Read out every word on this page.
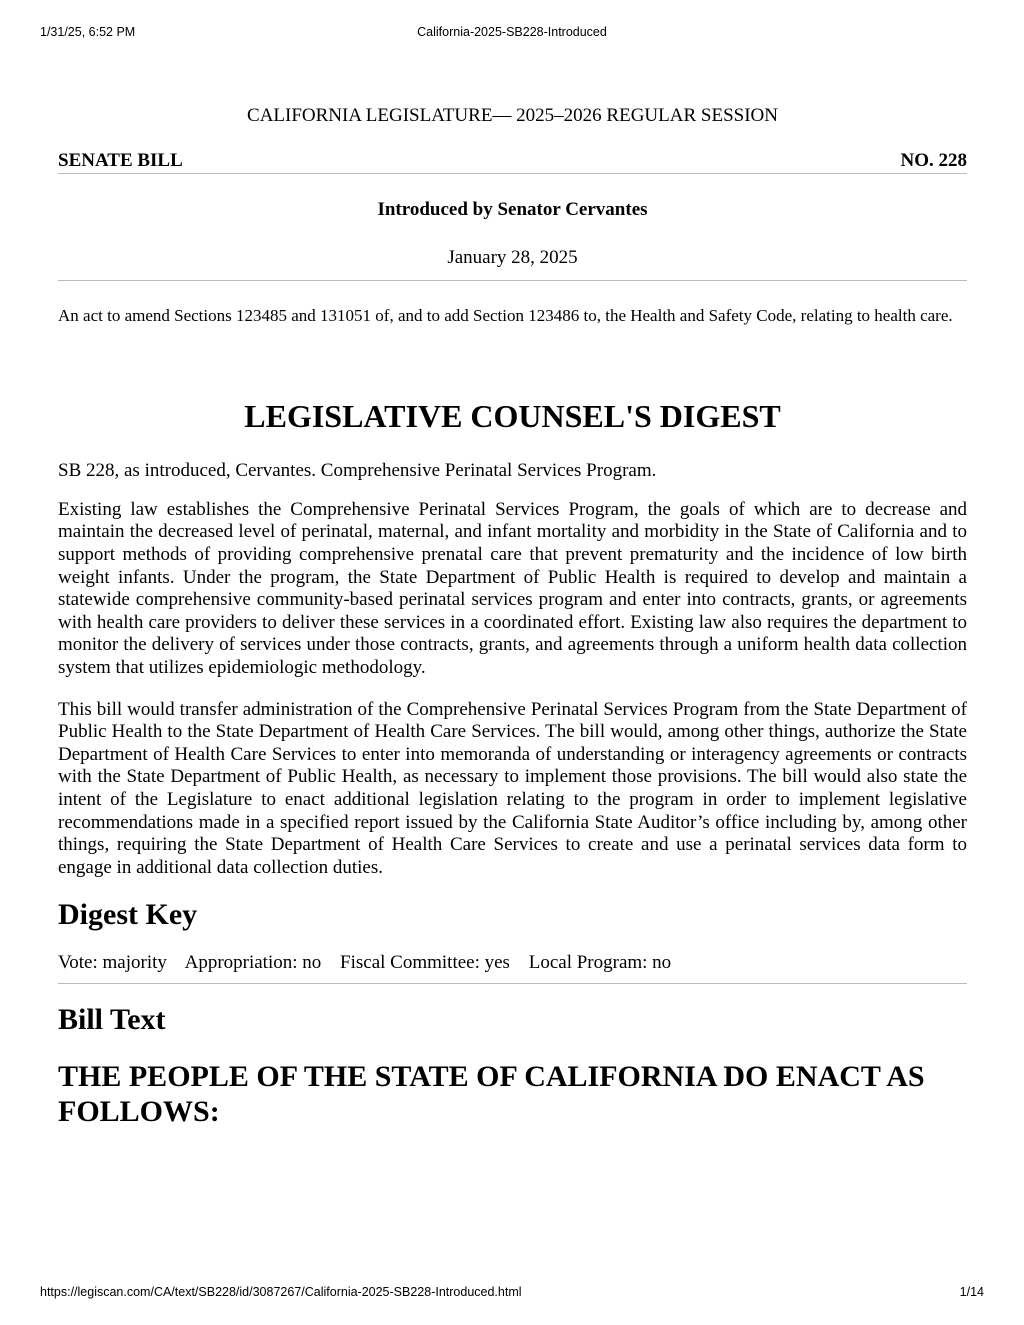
1/31/25, 6:52 PM	California-2025-SB228-Introduced
CALIFORNIA LEGISLATURE— 2025–2026 REGULAR SESSION
SENATE BILL	NO. 228
Introduced by Senator Cervantes
January 28, 2025

An act to amend Sections 123485 and 131051 of, and to add Section 123486 to, the Health and Safety Code, relating to health care.

LEGISLATIVE COUNSEL'S DIGEST
SB 228, as introduced, Cervantes. Comprehensive Perinatal Services Program.
Existing law establishes the Comprehensive Perinatal Services Program, the goals of which are to decrease and maintain the decreased level of perinatal, maternal, and infant mortality and morbidity in the State of California and to support methods of providing comprehensive prenatal care that prevent prematurity and the incidence of low birth weight infants. Under the program, the State Department of Public Health is required to develop and maintain a statewide comprehensive community-based perinatal services program and enter into contracts, grants, or agreements with health care providers to deliver these services in a coordinated effort. Existing law also requires the department to monitor the delivery of services under those contracts, grants, and agreements through a uniform health data collection system that utilizes epidemiologic methodology.
This bill would transfer administration of the Comprehensive Perinatal Services Program from the State Department of Public Health to the State Department of Health Care Services. The bill would, among other things, authorize the State Department of Health Care Services to enter into memoranda of understanding or interagency agreements or contracts with the State Department of Public Health, as necessary to implement those provisions. The bill would also state the intent of the Legislature to enact additional legislation relating to the program in order to implement legislative recommendations made in a specified report issued by the California State Auditor’s office including by, among other things, requiring the State Department of Health Care Services to create and use a perinatal services data form to engage in additional data collection duties.
Digest Key
Vote: majority Appropriation: no Fiscal Committee: yes Local Program: no
Bill Text
THE PEOPLE OF THE STATE OF CALIFORNIA DO ENACT AS FOLLOWS:
https://legiscan.com/CA/text/SB228/id/3087267/California-2025-SB228-Introduced.html	1/14
